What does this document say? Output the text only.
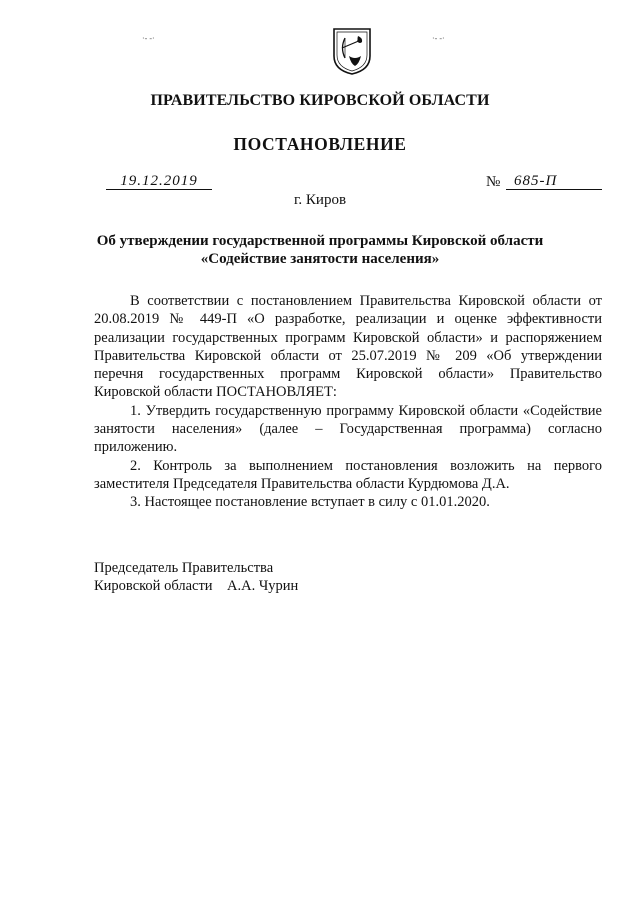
·- -·	·- -·
ПРАВИТЕЛЬСТВО КИРОВСКОЙ ОБЛАСТИ
ПОСТАНОВЛЕНИЕ
19.12.2019	№ 685-П
г. Киров
Об утверждении государственной программы Кировской области
«Содействие занятости населения»

В соответствии с постановлением Правительства Кировской области от 20.08.2019 № 449-П «О разработке, реализации и оценке эффективности реализации государственных программ Кировской области» и распоряжением Правительства Кировской области от 25.07.2019 № 209 «Об утверждении перечня государственных программ Кировской области» Правительство Кировской области ПОСТАНОВЛЯЕТ:

1. Утвердить государственную программу Кировской области «Содействие занятости населения» (далее – Государственная программа) согласно приложению.

2. Контроль за выполнением постановления возложить на первого заместителя Председателя Правительства области Курдюмова Д.А.

3. Настоящее постановление вступает в силу с 01.01.2020.

Председатель Правительства
Кировской области    А.А. Чурин
